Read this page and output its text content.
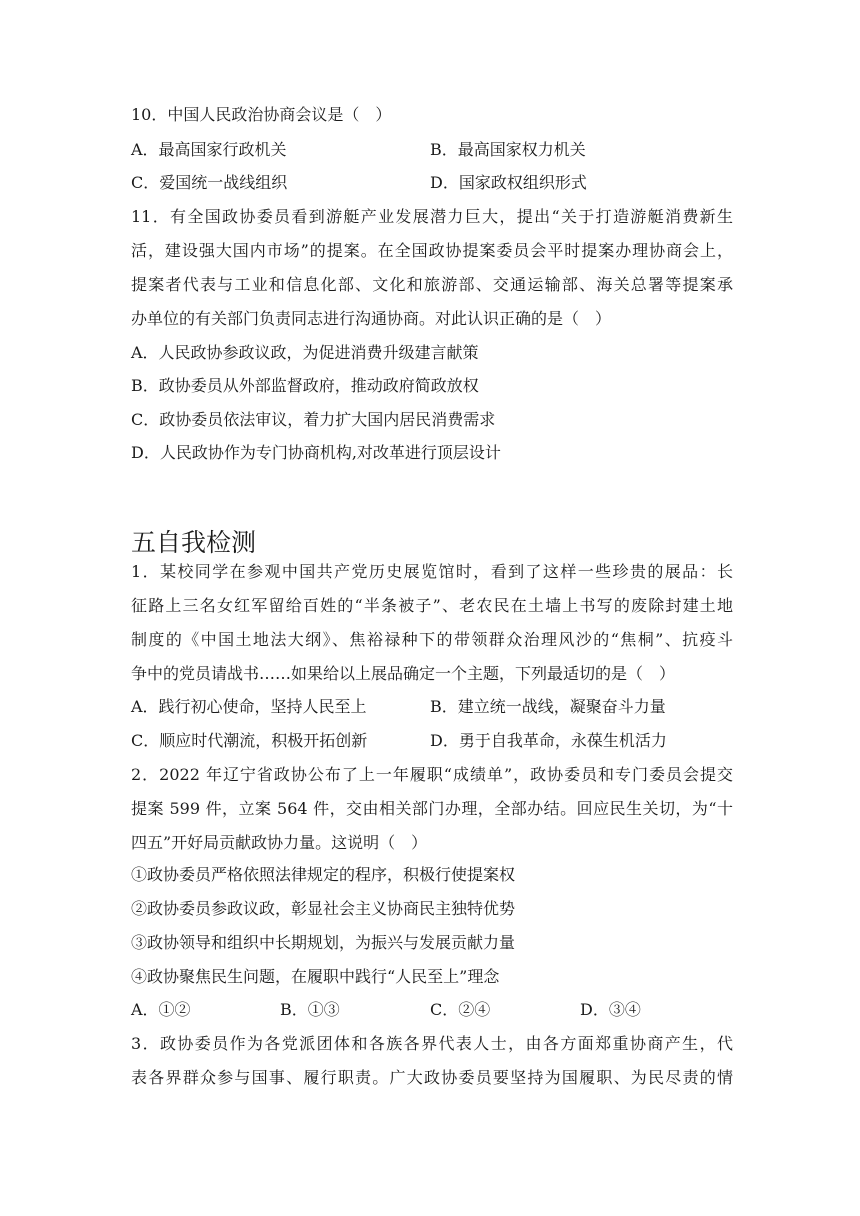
10．中国人民政治协商会议是（　）
A．最高国家行政机关	B．最高国家权力机关
C．爱国统一战线组织	D．国家政权组织形式
11．有全国政协委员看到游艇产业发展潜力巨大，提出“关于打造游艇消费新生
活，建设强大国内市场”的提案。在全国政协提案委员会平时提案办理协商会上，
提案者代表与工业和信息化部、文化和旅游部、交通运输部、海关总署等提案承
办单位的有关部门负责同志进行沟通协商。对此认识正确的是（　）
A．人民政协参政议政，为促进消费升级建言献策
B．政协委员从外部监督政府，推动政府简政放权
C．政协委员依法审议，着力扩大国内居民消费需求
D．人民政协作为专门协商机构,对改革进行顶层设计
五自我检测
1．某校同学在参观中国共产党历史展览馆时，看到了这样一些珍贵的展品：长
征路上三名女红军留给百姓的“半条被子”、老农民在土墙上书写的废除封建土地
制度的《中国土地法大纲》、焦裕禄种下的带领群众治理风沙的“焦桐”、抗疫斗
争中的党员请战书……如果给以上展品确定一个主题，下列最适切的是（　）
A．践行初心使命，坚持人民至上	B．建立统一战线，凝聚奋斗力量
C．顺应时代潮流，积极开拓创新	D．勇于自我革命，永葆生机活力
2．2022 年辽宁省政协公布了上一年履职“成绩单”，政协委员和专门委员会提交
提案 599 件，立案 564 件，交由相关部门办理，全部办结。回应民生关切，为“十
四五”开好局贡献政协力量。这说明（　）
①政协委员严格依照法律规定的程序，积极行使提案权
②政协委员参政议政，彰显社会主义协商民主独特优势
③政协领导和组织中长期规划，为振兴与发展贡献力量
④政协聚焦民生问题，在履职中践行“人民至上”理念
A．①②	B．①③	C．②④	D．③④
3．政协委员作为各党派团体和各族各界代表人士，由各方面郑重协商产生，代
表各界群众参与国事、履行职责。广大政协委员要坚持为国履职、为民尽责的情
